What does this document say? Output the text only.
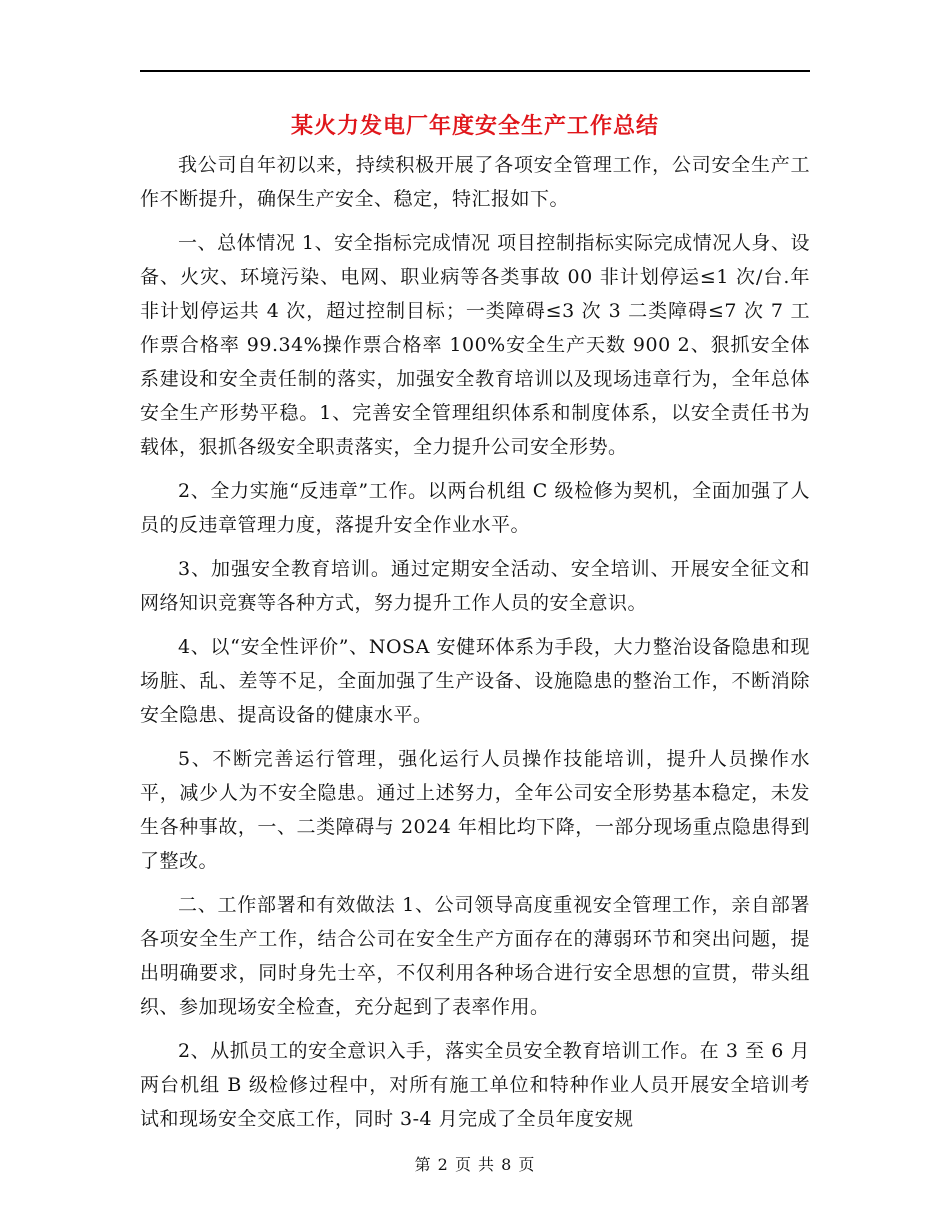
某火力发电厂年度安全生产工作总结

我公司自年初以来，持续积极开展了各项安全管理工作，公司安全生产工作不断提升，确保生产安全、稳定，特汇报如下。

一、总体情况 1、安全指标完成情况 项目控制指标实际完成情况人身、设备、火灾、环境污染、电网、职业病等各类事故 00 非计划停运≤1 次/台.年非计划停运共 4 次，超过控制目标；一类障碍≤3 次 3 二类障碍≤7 次 7 工作票合格率 99.34%操作票合格率 100%安全生产天数 900 2、狠抓安全体系建设和安全责任制的落实，加强安全教育培训以及现场违章行为，全年总体安全生产形势平稳。1、完善安全管理组织体系和制度体系，以安全责任书为载体，狠抓各级安全职责落实，全力提升公司安全形势。

2、全力实施“反违章”工作。以两台机组 C 级检修为契机，全面加强了人员的反违章管理力度，落提升安全作业水平。

3、加强安全教育培训。通过定期安全活动、安全培训、开展安全征文和网络知识竞赛等各种方式，努力提升工作人员的安全意识。

4、以“安全性评价”、NOSA 安健环体系为手段，大力整治设备隐患和现场脏、乱、差等不足，全面加强了生产设备、设施隐患的整治工作，不断消除安全隐患、提高设备的健康水平。

5、不断完善运行管理，强化运行人员操作技能培训，提升人员操作水平，减少人为不安全隐患。通过上述努力，全年公司安全形势基本稳定，未发生各种事故，一、二类障碍与 2024 年相比均下降，一部分现场重点隐患得到了整改。

二、工作部署和有效做法 1、公司领导高度重视安全管理工作，亲自部署各项安全生产工作，结合公司在安全生产方面存在的薄弱环节和突出问题，提出明确要求，同时身先士卒，不仅利用各种场合进行安全思想的宣贯，带头组织、参加现场安全检查，充分起到了表率作用。

2、从抓员工的安全意识入手，落实全员安全教育培训工作。在 3 至 6 月两台机组 B 级检修过程中，对所有施工单位和特种作业人员开展安全培训考试和现场安全交底工作，同时 3-4 月完成了全员年度安规

第 2 页 共 8 页
